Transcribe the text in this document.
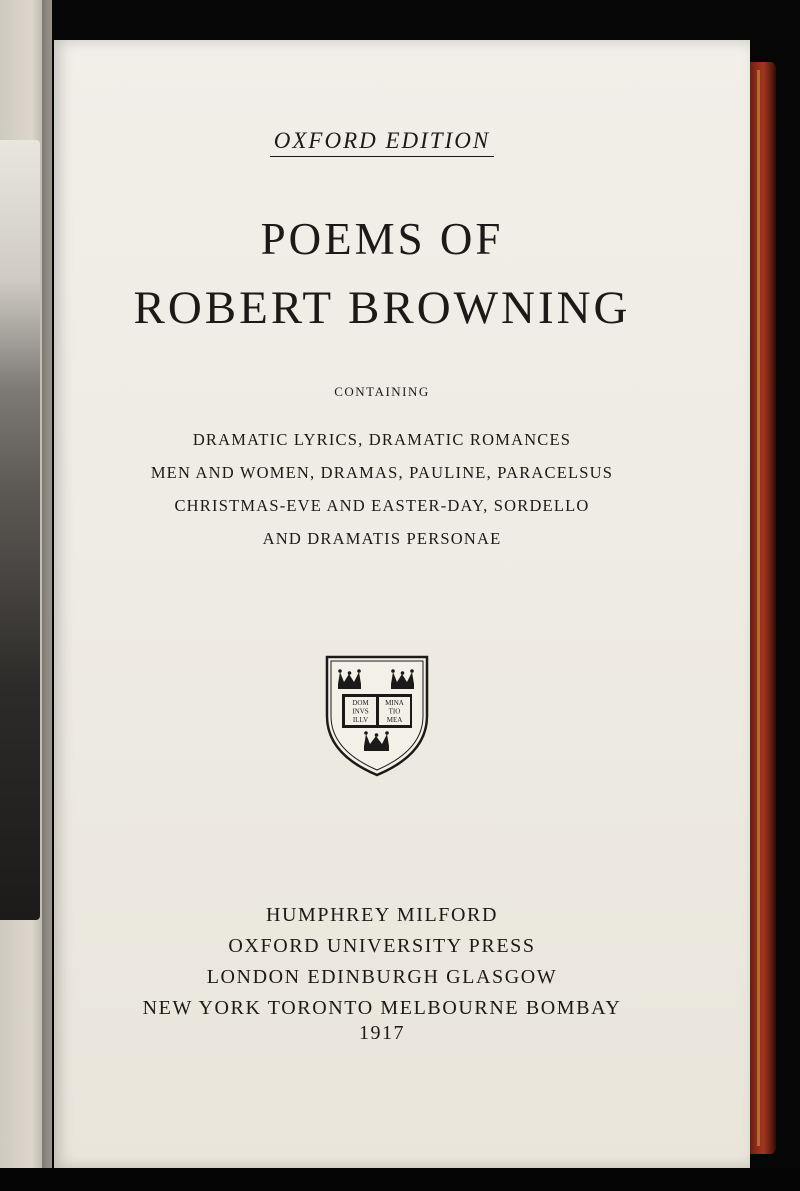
OXFORD EDITION
POEMS OF
ROBERT BROWNING
CONTAINING
DRAMATIC LYRICS, DRAMATIC ROMANCES
MEN AND WOMEN, DRAMAS, PAULINE, PARACELSUS
CHRISTMAS-EVE AND EASTER-DAY, SORDELLO
AND DRAMATIS PERSONAE
DOM
INVS
ILLV
MINA
TIO
MEA
HUMPHREY MILFORD
OXFORD UNIVERSITY PRESS
LONDON EDINBURGH GLASGOW
NEW YORK TORONTO MELBOURNE BOMBAY
1917
